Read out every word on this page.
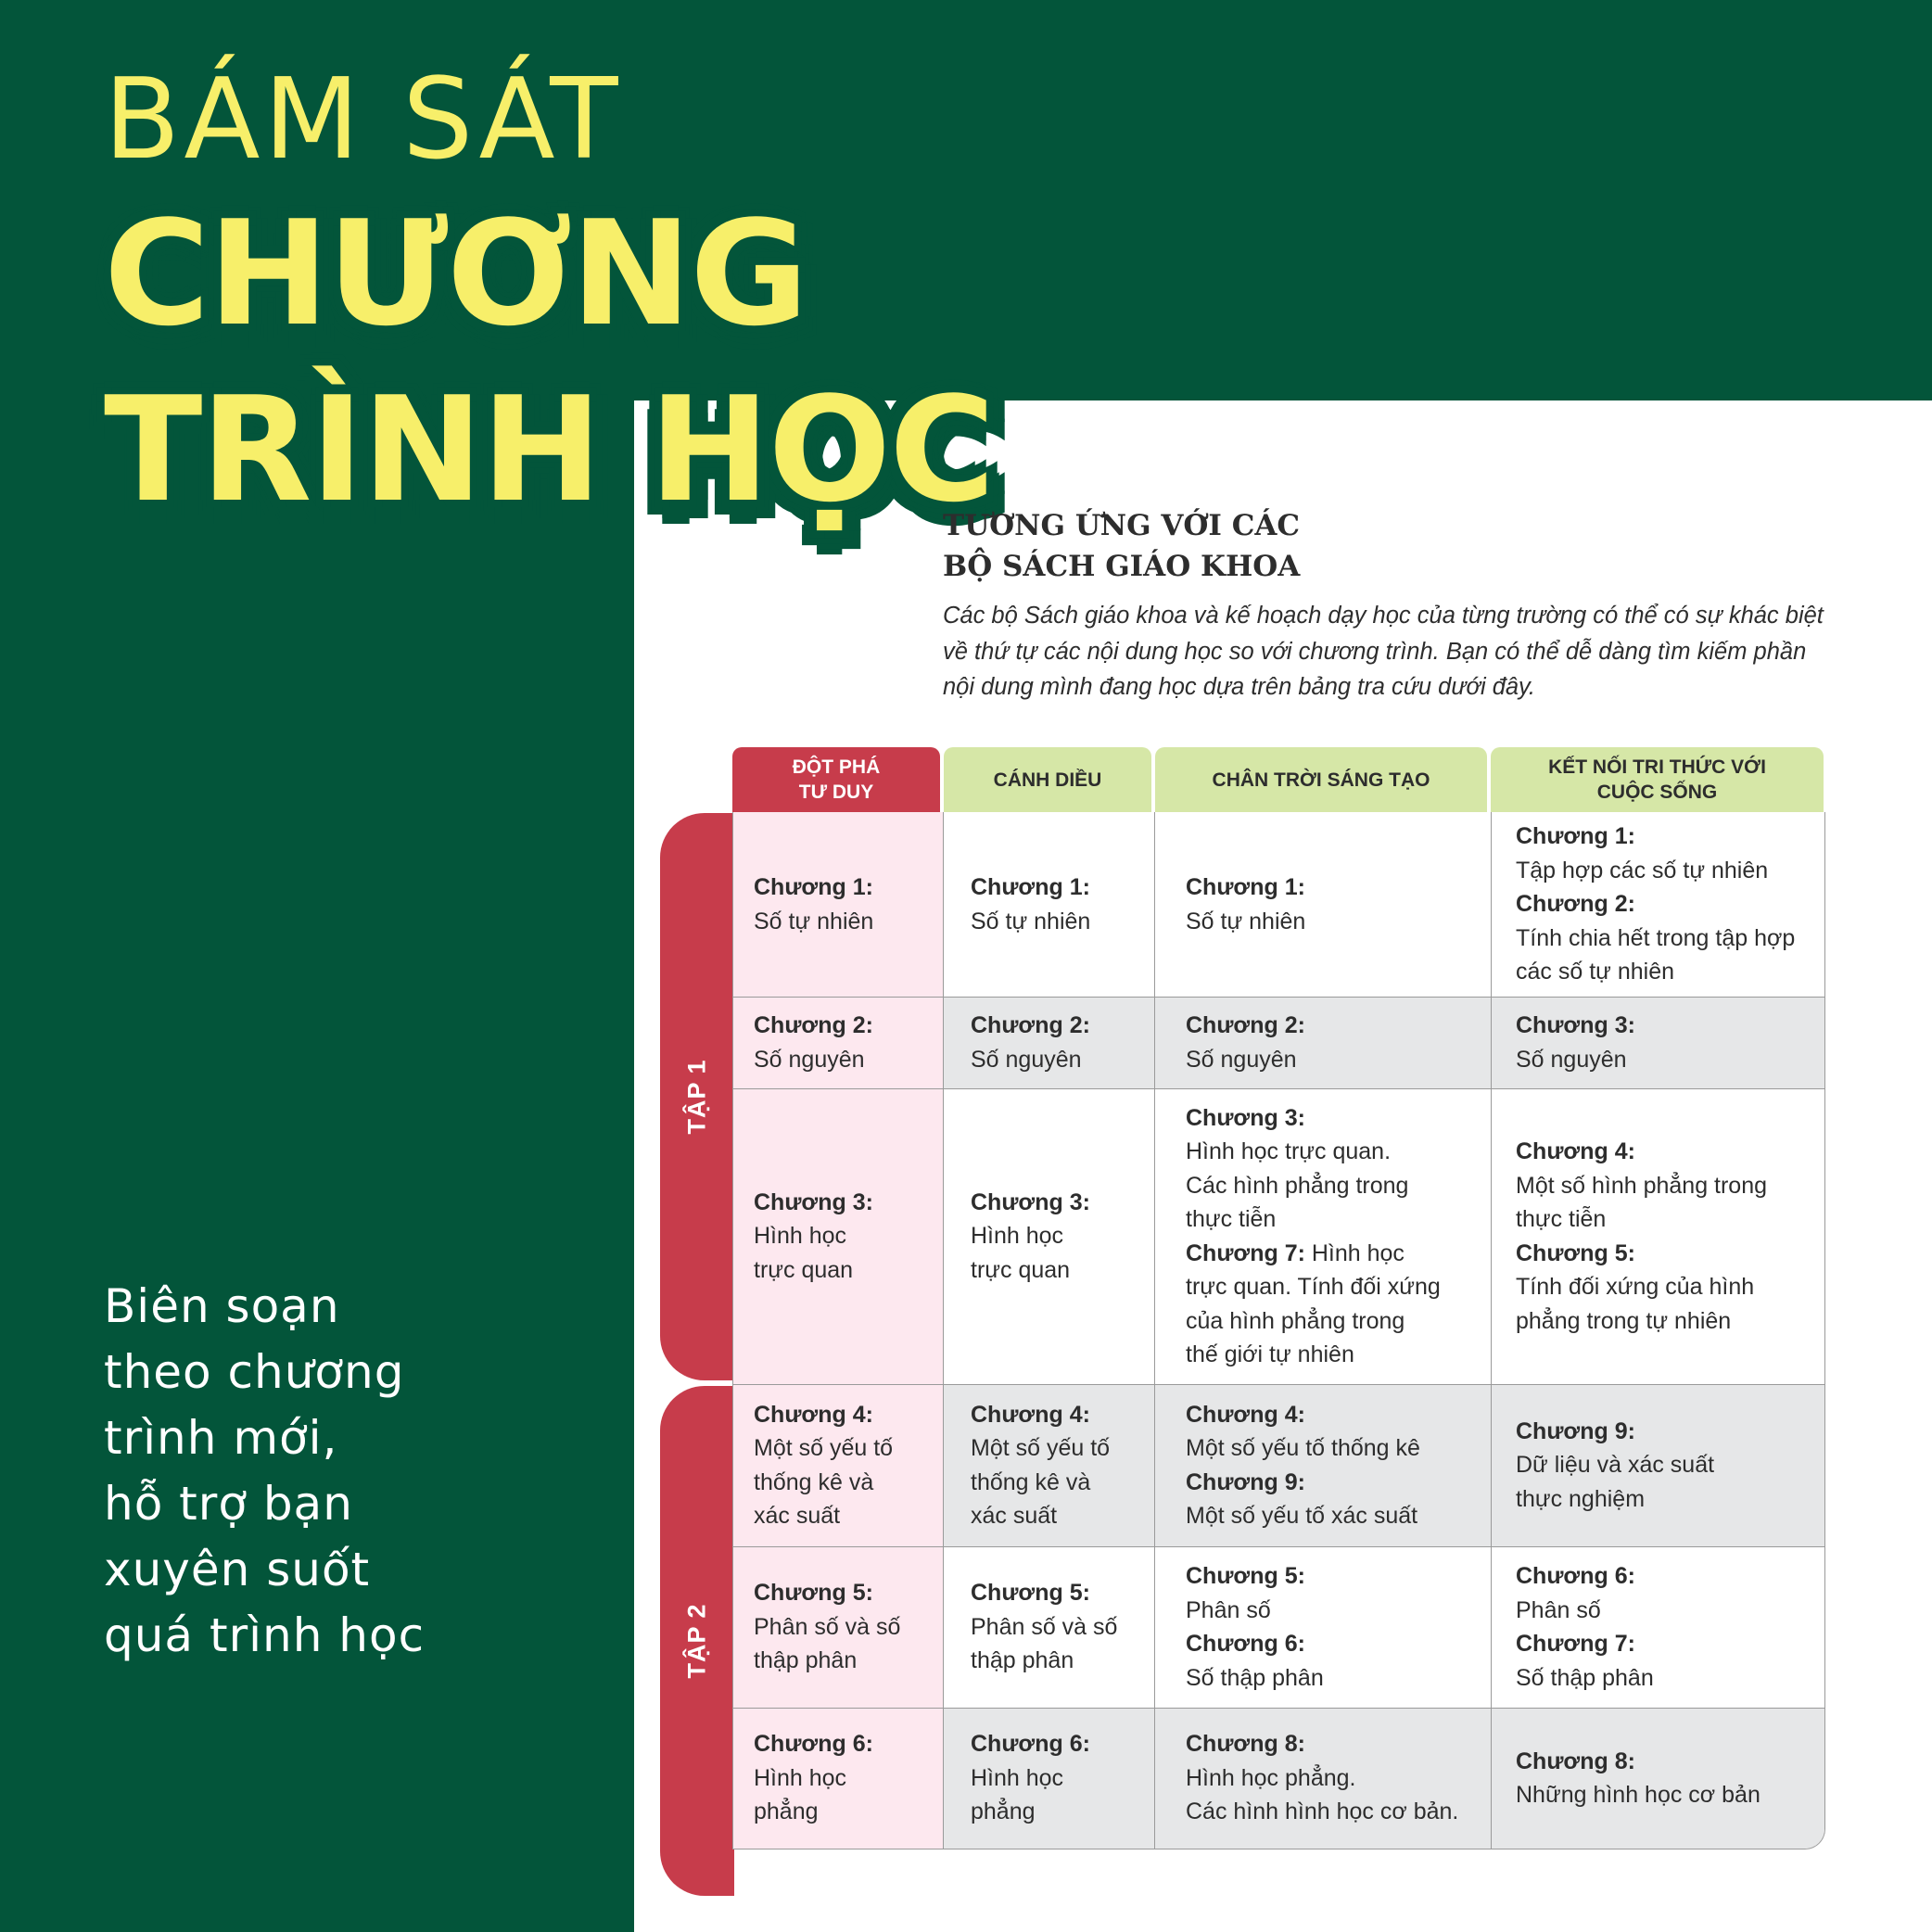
BÁM SÁT
CHƯƠNG
TRÌNH HỌC
Biên soạn
theo chương
trình mới,
hỗ trợ bạn
xuyên suốt
quá trình học
TƯƠNG ỨNG VỚI CÁC
BỘ SÁCH GIÁO KHOA
Các bộ Sách giáo khoa và kế hoạch dạy học của từng trường có thể có sự khác biệt về thứ tự các nội dung học so với chương trình. Bạn có thể dễ dàng tìm kiếm phần nội dung mình đang học dựa trên bảng tra cứu dưới đây.
TẬP 1
TẬP 2
ĐỘT PHÁ
TƯ DUY
CÁNH DIỀU	CHÂN TRỜI SÁNG TẠO
KẾT NỐI TRI THỨC VỚI
CUỘC SỐNG
Chương 1:
Số tự nhiên
Chương 1:
Số tự nhiên
Chương 1:
Số tự nhiên
Chương 1:
Tập hợp các số tự nhiên
Chương 2:
Tính chia hết trong tập hợp
các số tự nhiên
Chương 2:
Số nguyên
Chương 2:
Số nguyên
Chương 2:
Số nguyên
Chương 3:
Số nguyên
Chương 3:
Hình học
trực quan
Chương 3:
Hình học
trực quan
Chương 3:
Hình học trực quan.
Các hình phẳng trong
thực tiễn
Chương 7: Hình học
trực quan. Tính đối xứng
của hình phẳng trong
thế giới tự nhiên
Chương 4:
Một số hình phẳng trong
thực tiễn
Chương 5:
Tính đối xứng của hình
phẳng trong tự nhiên
Chương 4:
Một số yếu tố
thống kê và
xác suất
Chương 4:
Một số yếu tố
thống kê và
xác suất
Chương 4:
Một số yếu tố thống kê
Chương 9:
Một số yếu tố xác suất
Chương 9:
Dữ liệu và xác suất
thực nghiệm
Chương 5:
Phân số và số
thập phân
Chương 5:
Phân số và số
thập phân
Chương 5:
Phân số
Chương 6:
Số thập phân
Chương 6:
Phân số
Chương 7:
Số thập phân
Chương 6:
Hình học
phẳng
Chương 6:
Hình học
phẳng
Chương 8:
Hình học phẳng.
Các hình hình học cơ bản.
Chương 8:
Những hình học cơ bản
